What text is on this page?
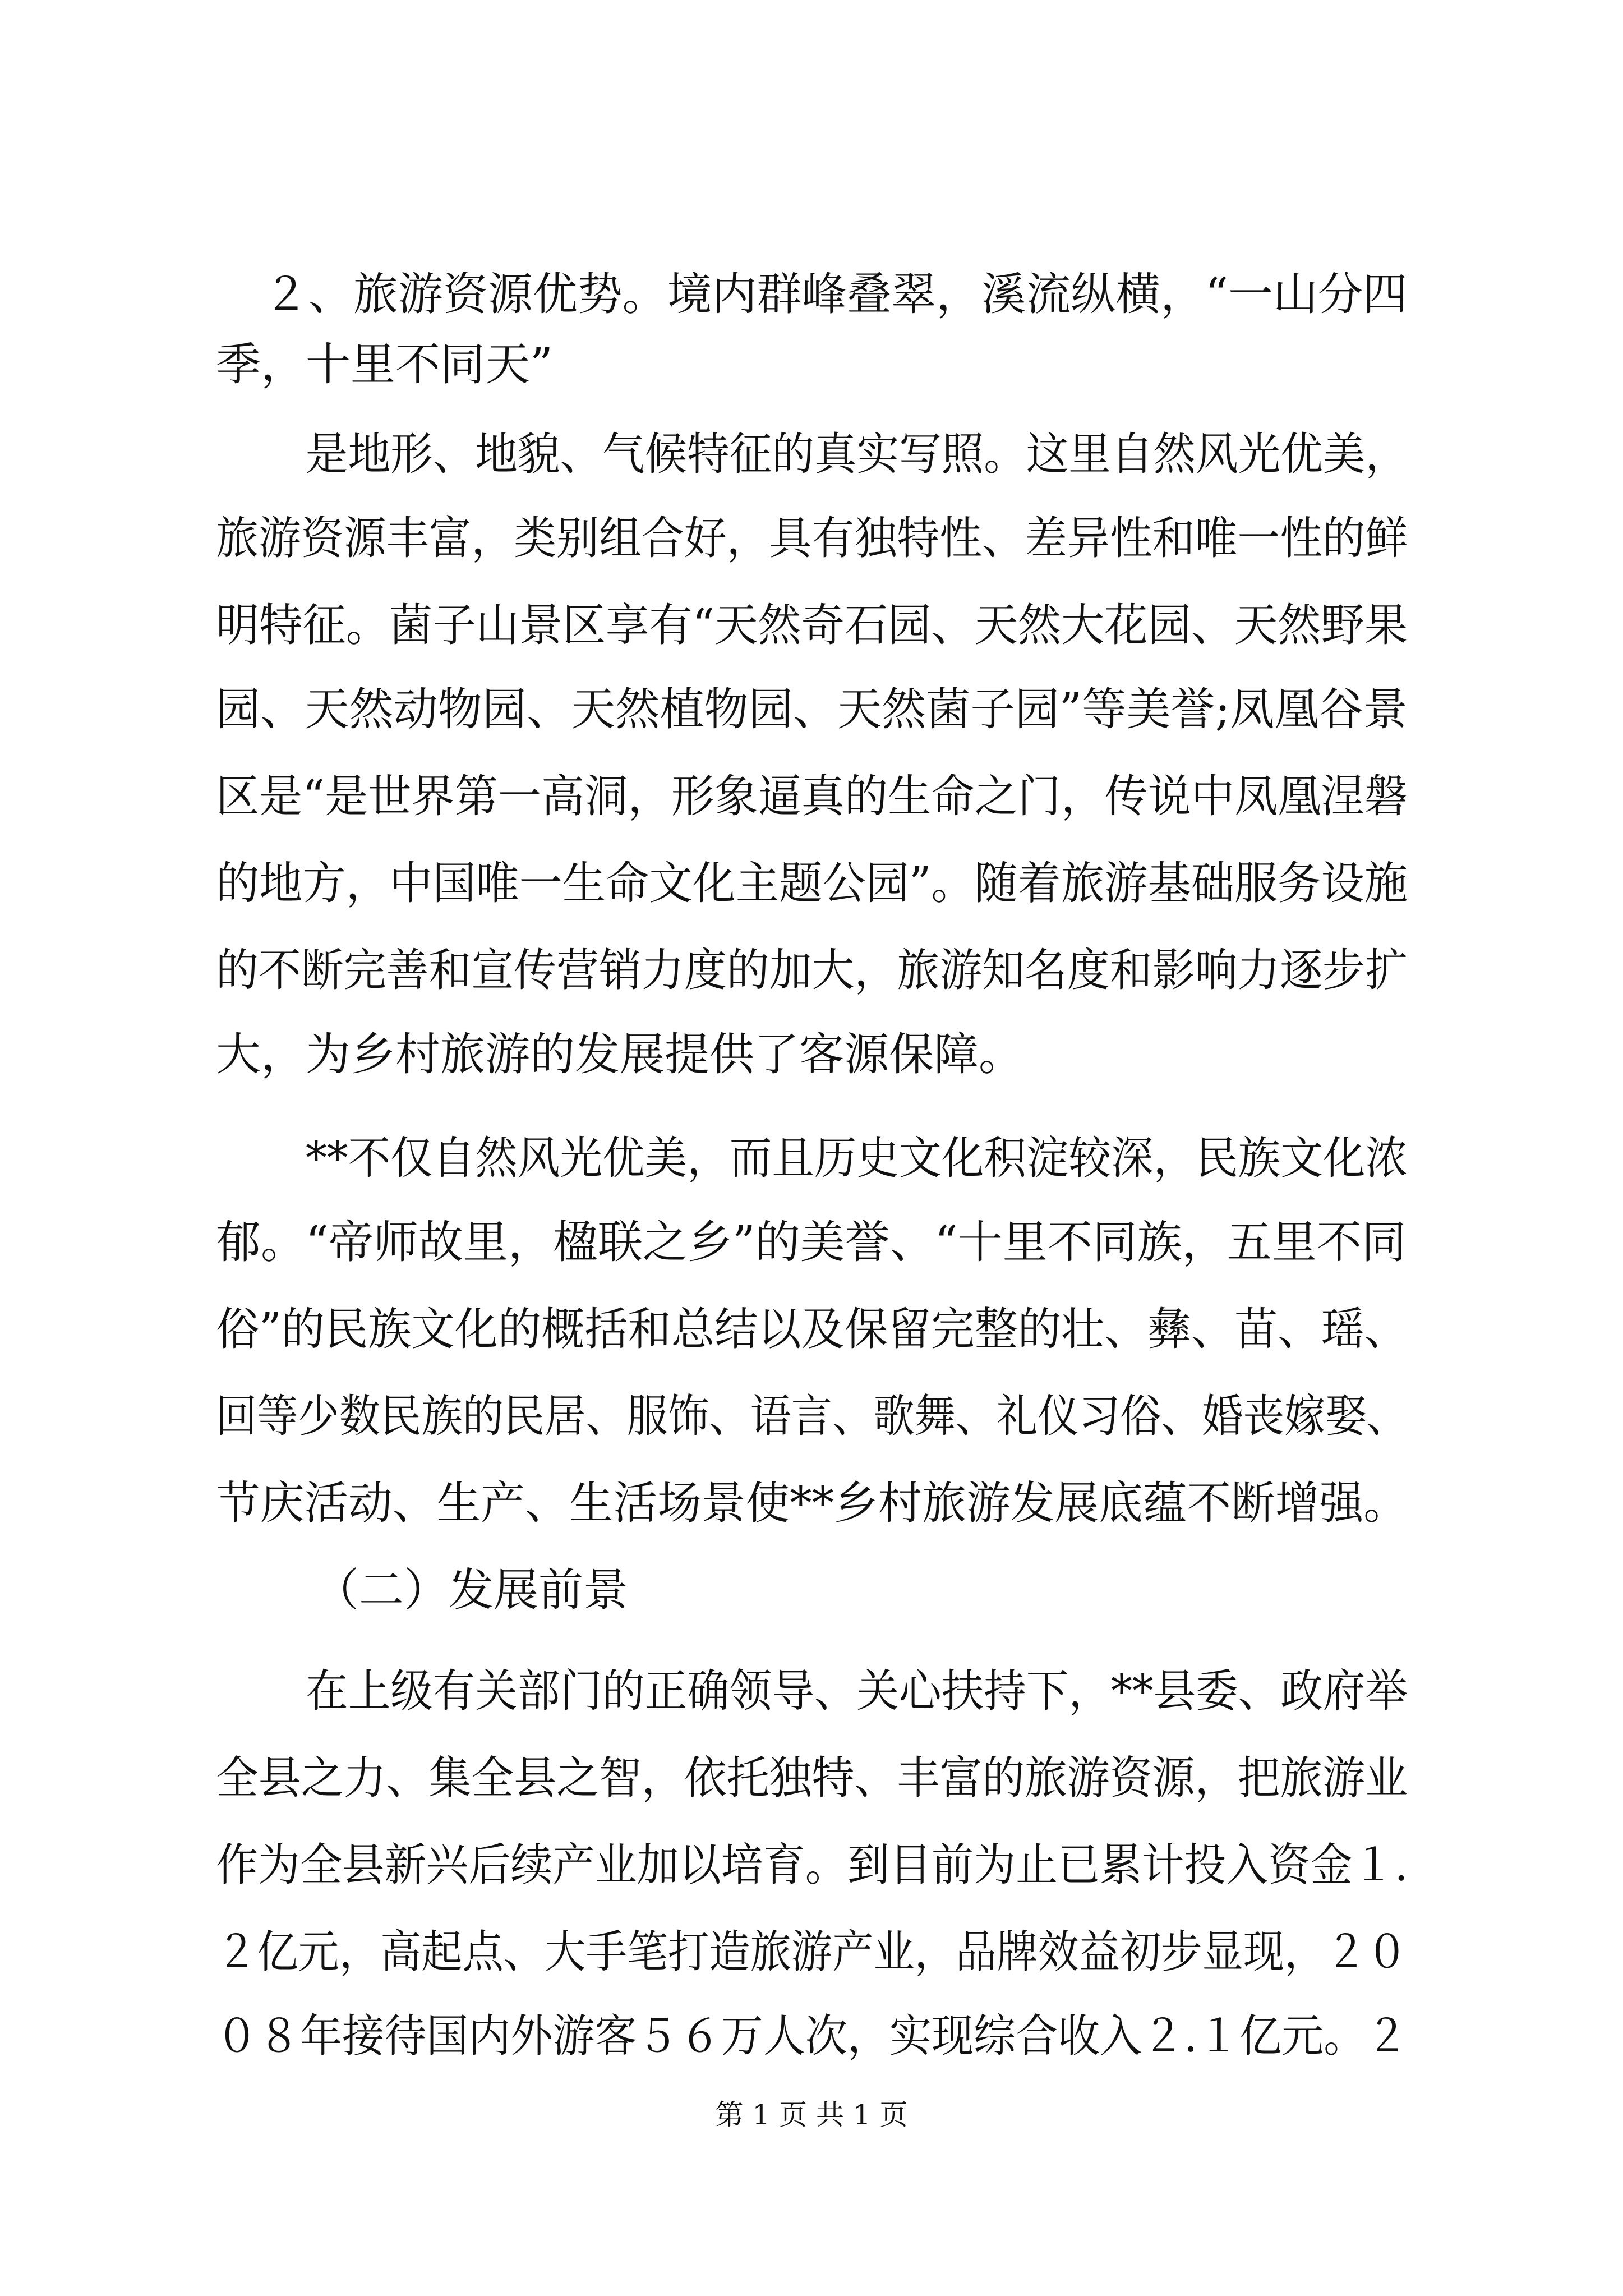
２、旅游资源优势。境内群峰叠翠，溪流纵横，“一山分四
季，十里不同天”
是地形、地貌、气候特征的真实写照。这里自然风光优美，
旅游资源丰富，类别组合好，具有独特性、差异性和唯一性的鲜
明特征。菌子山景区享有“天然奇石园、天然大花园、天然野果
园、天然动物园、天然植物园、天然菌子园”等美誉;凤凰谷景
区是“是世界第一高洞，形象逼真的生命之门，传说中凤凰涅磐
的地方，中国唯一生命文化主题公园”。随着旅游基础服务设施
的不断完善和宣传营销力度的加大，旅游知名度和影响力逐步扩
大，为乡村旅游的发展提供了客源保障。
**不仅自然风光优美，而且历史文化积淀较深，民族文化浓
郁。“帝师故里，楹联之乡”的美誉、“十里不同族，五里不同
俗”的民族文化的概括和总结以及保留完整的壮、彝、苗、瑶、
回等少数民族的民居、服饰、语言、歌舞、礼仪习俗、婚丧嫁娶、
节庆活动、生产、生活场景使**乡村旅游发展底蕴不断增强。
（二）发展前景
在上级有关部门的正确领导、关心扶持下，**县委、政府举
全县之力、集全县之智，依托独特、丰富的旅游资源，把旅游业
作为全县新兴后续产业加以培育。到目前为止已累计投入资金１.
２亿元，高起点、大手笔打造旅游产业，品牌效益初步显现，２０
０８年接待国内外游客５６万人次，实现综合收入２.１亿元。２
第 1 页 共 1 页
